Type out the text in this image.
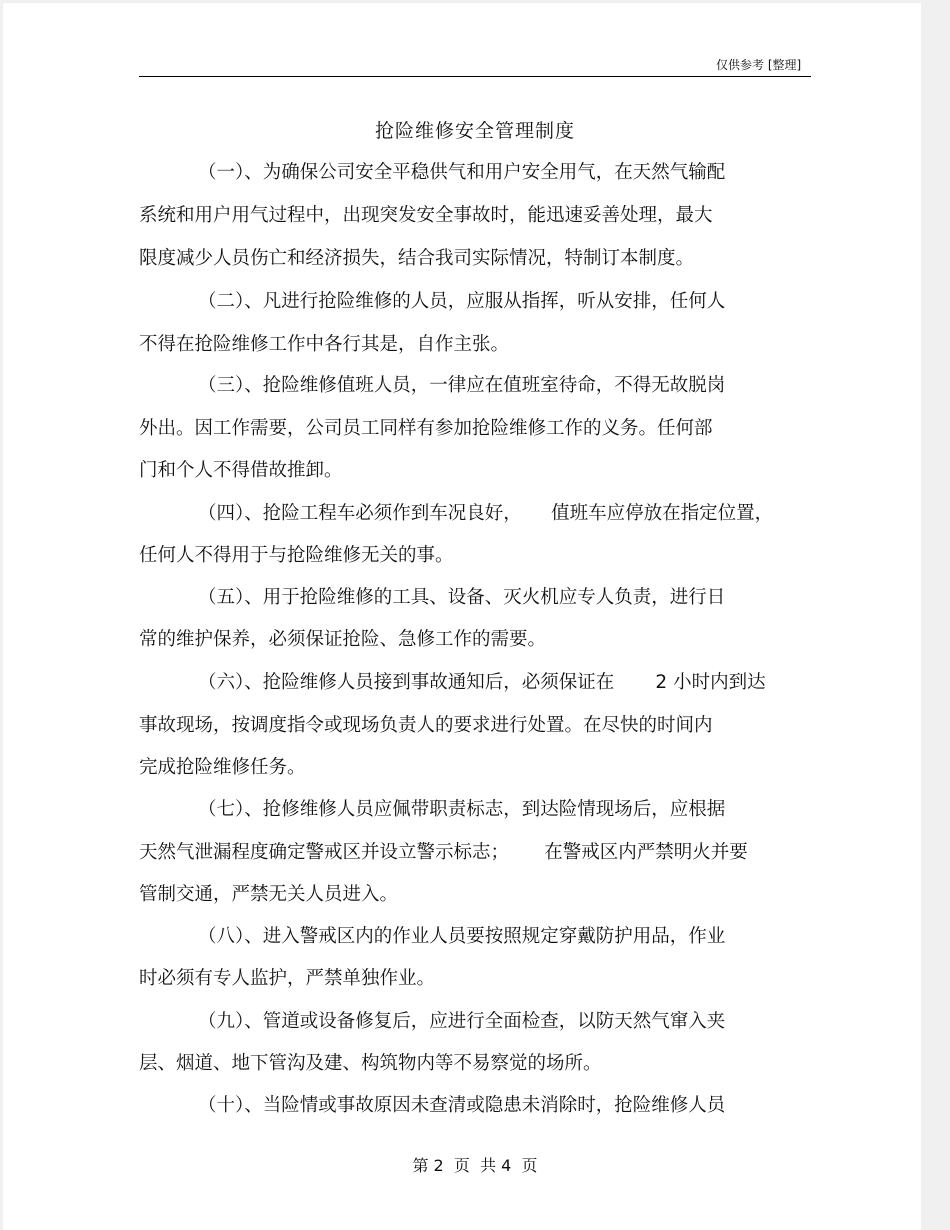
仅供参考 [整理]
抢险维修安全管理制度
（一）、为确保公司安全平稳供气和用户安全用气，在天然气输配
系统和用户用气过程中，出现突发安全事故时，能迅速妥善处理，最大
限度减少人员伤亡和经济损失，结合我司实际情况，特制订本制度。
（二）、凡进行抢险维修的人员，应服从指挥，听从安排，任何人
不得在抢险维修工作中各行其是，自作主张。
（三）、抢险维修值班人员，一律应在值班室待命，不得无故脱岗
外出。因工作需要，公司员工同样有参加抢险维修工作的义务。任何部
门和个人不得借故推卸。
（四）、抢险工程车必须作到车况良好，     值班车应停放在指定位置，
任何人不得用于与抢险维修无关的事。
（五）、用于抢险维修的工具、设备、灭火机应专人负责，进行日
常的维护保养，必须保证抢险、急修工作的需要。
（六）、抢险维修人员接到事故通知后，必须保证在       2 小时内到达
事故现场，按调度指令或现场负责人的要求进行处置。在尽快的时间内
完成抢险维修任务。
（七）、抢修维修人员应佩带职责标志，到达险情现场后，应根据
天然气泄漏程度确定警戒区并设立警示标志；      在警戒区内严禁明火并要
管制交通，严禁无关人员进入。
（八）、进入警戒区内的作业人员要按照规定穿戴防护用品，作业
时必须有专人监护，严禁单独作业。
（九）、管道或设备修复后，应进行全面检查，以防天然气窜入夹
层、烟道、地下管沟及建、构筑物内等不易察觉的场所。
（十）、当险情或事故原因未查清或隐患未消除时，抢险维修人员
第 2  页  共 4  页
